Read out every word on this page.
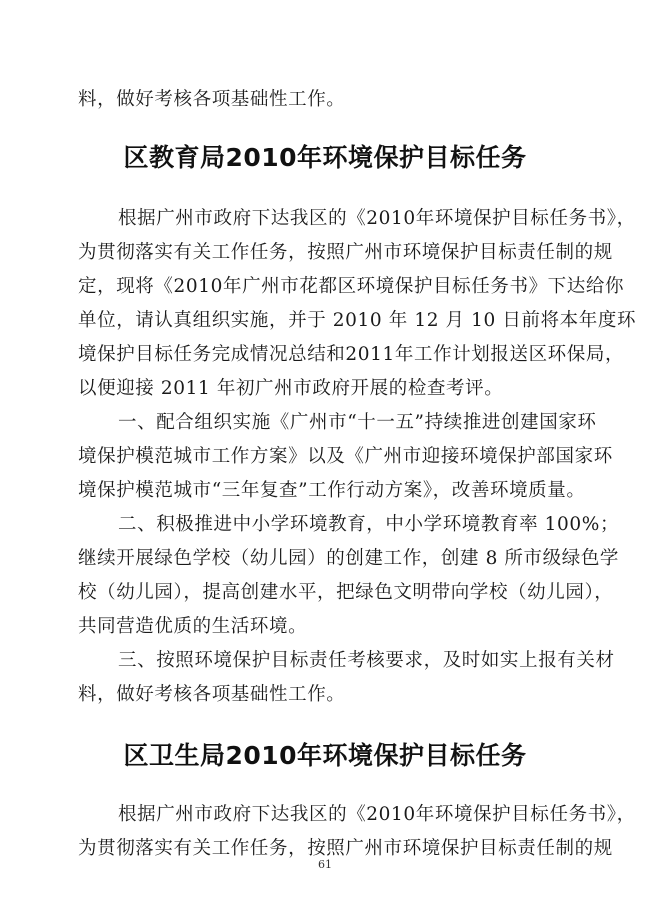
料，做好考核各项基础性工作。
区教育局2010年环境保护目标任务
根据广州市政府下达我区的《2010年环境保护目标任务书》，
为贯彻落实有关工作任务，按照广州市环境保护目标责任制的规
定，现将《2010年广州市花都区环境保护目标任务书》下达给你
单位，请认真组织实施，并于 2010 年 12 月 10 日前将本年度环
境保护目标任务完成情况总结和2011年工作计划报送区环保局，
以便迎接 2011 年初广州市政府开展的检查考评。
一、配合组织实施《广州市“十一五”持续推进创建国家环
境保护模范城市工作方案》以及《广州市迎接环境保护部国家环
境保护模范城市“三年复查”工作行动方案》，改善环境质量。
二、积极推进中小学环境教育，中小学环境教育率 100%；
继续开展绿色学校（幼儿园）的创建工作，创建 8 所市级绿色学
校（幼儿园），提高创建水平，把绿色文明带向学校（幼儿园），
共同营造优质的生活环境。
三、按照环境保护目标责任考核要求，及时如实上报有关材
料，做好考核各项基础性工作。
区卫生局2010年环境保护目标任务
根据广州市政府下达我区的《2010年环境保护目标任务书》，
为贯彻落实有关工作任务，按照广州市环境保护目标责任制的规
61
